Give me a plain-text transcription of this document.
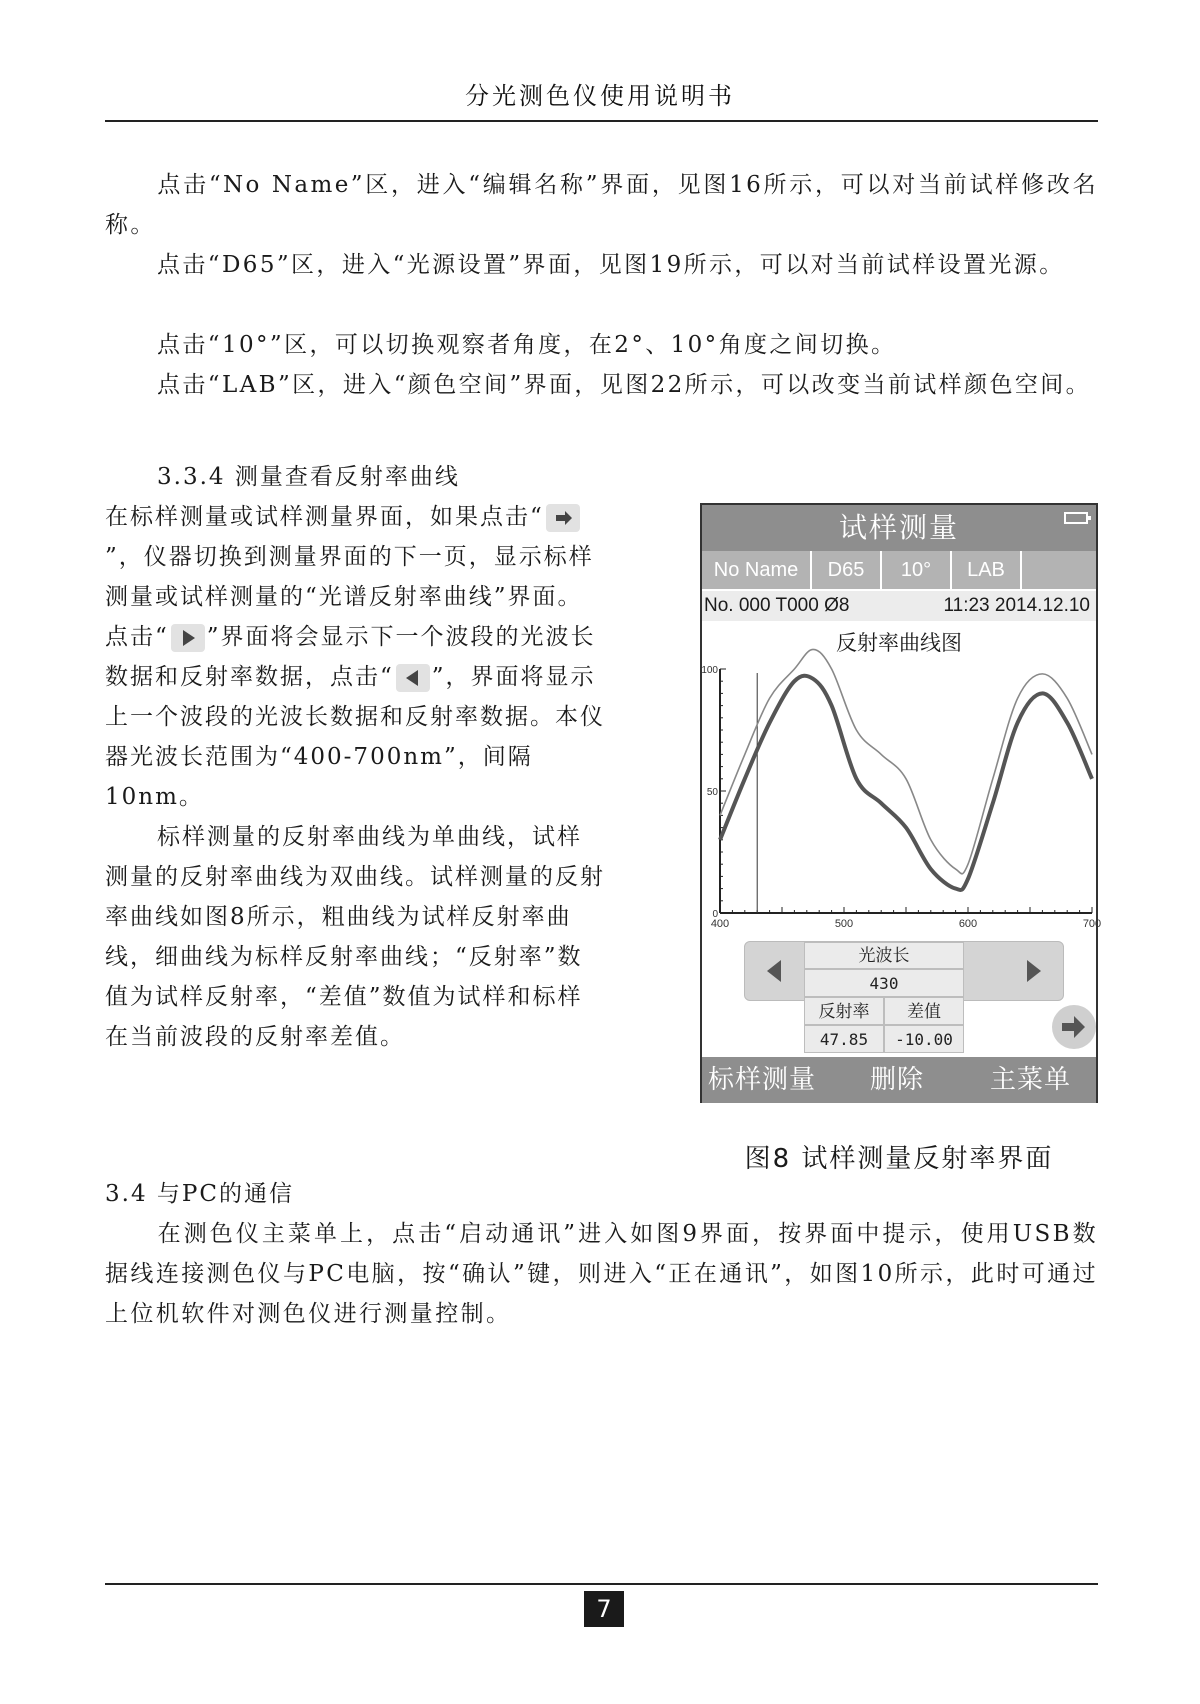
分光测色仪使用说明书

点击“No Name”区，进入“编辑名称”界面，见图16所示，可以对当前试样修改名称。

点击“D65”区，进入“光源设置”界面，见图19所示，可以对当前试样设置光源。

点击“10°”区，可以切换观察者角度，在2°、10°角度之间切换。

点击“LAB”区，进入“颜色空间”界面，见图22所示，可以改变当前试样颜色空间。

3.3.4 测量查看反射率曲线

在标样测量或试样测量界面，如果点击“
”，仪器切换到测量界面的下一页，显示标样测量或试样测量的“光谱反射率曲线”界面。点击“ ”界面将会显示下一个波段的光波长数据和反射率数据，点击“ ”，界面将显示上一个波段的光波长数据和反射率数据。本仪器光波长范围为“400-700nm”，间隔10nm。

标样测量的反射率曲线为单曲线，试样测量的反射率曲线为双曲线。试样测量的反射率曲线如图8所示，粗曲线为试样反射率曲线，细曲线为标样反射率曲线；“反射率”数值为试样反射率，“差值”数值为试样和标样在当前波段的反射率差值。

试样测量
No Name	D65	10°	LAB
No. 000 T000 Ø8	11:23 2014.12.10
反射率曲线图
400	500	600	700
0
50
100
光波长
430
反射率	差值
47.85	-10.00
标样测量 删除	主菜单

图8 试样测量反射率界面

3.4 与PC的通信

在测色仪主菜单上，点击“启动通讯”进入如图9界面，按界面中提示，使用USB数据线连接测色仪与PC电脑，按“确认”键，则进入“正在通讯”，如图10所示，此时可通过上位机软件对测色仪进行测量控制。

7
